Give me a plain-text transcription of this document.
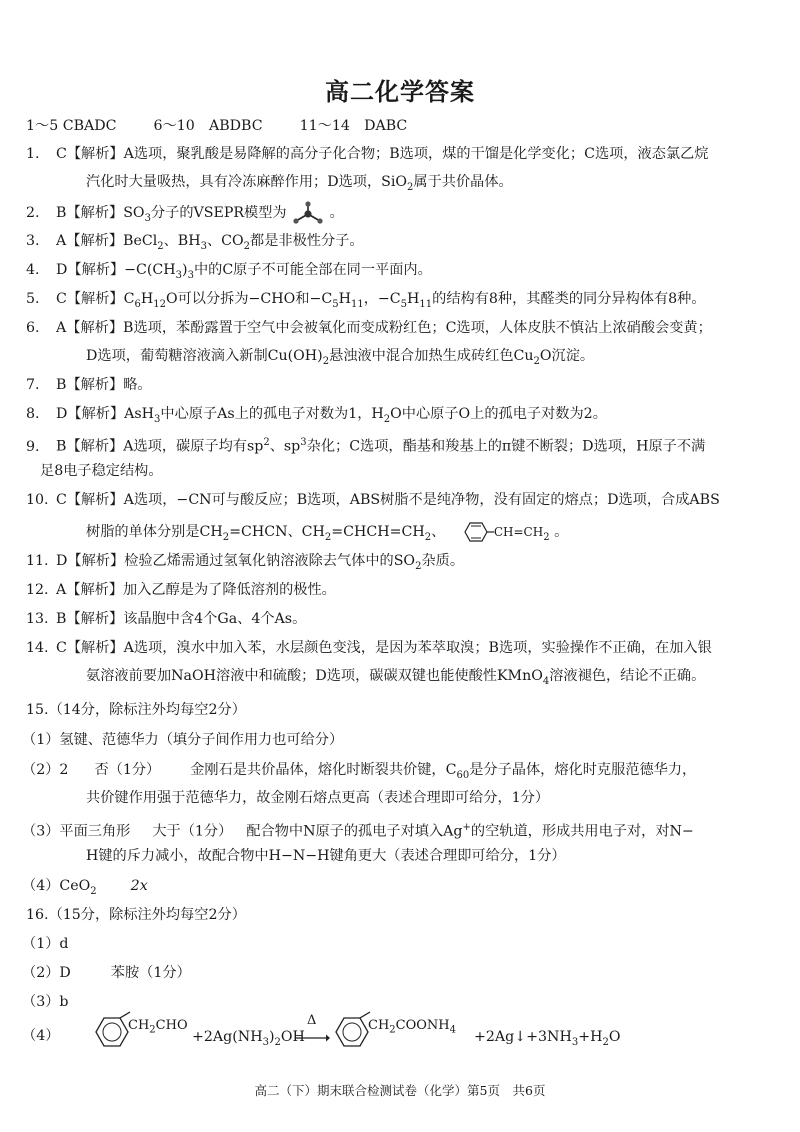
高二化学答案
1～5 CBADC	6～10　ABDBC	11～14　DABC
1. C【解析】A选项，聚乳酸是易降解的高分子化合物；B选项，煤的干馏是化学变化；C选项，液态氯乙烷
汽化时大量吸热，具有冷冻麻醉作用；D选项，SiO$_2$属于共价晶体。
2. B【解析】$SO_3$分子的VSEPR模型为	。
3. A【解析】BeCl$_2$、$BH_3$、$CO_2$都是非极性分子。
4. D【解析】$-C(CH_3)_3$中的C原子不可能全部在同一平面内。
5. C【解析】$C_6H_{12}O$可以分拆为−CHO和$-C_5H_{11}$，$-C_5H_{11}$的结构有8种，其醛类的同分异构体有8种。
6. A【解析】B选项，苯酚露置于空气中会被氧化而变成粉红色；C选项，人体皮肤不慎沾上浓硝酸会变黄；
D选项，葡萄糖溶液滴入新制$Cu(OH)_2$悬浊液中混合加热生成砖红色$Cu_2O$沉淀。
7. B【解析】略。
8. D【解析】AsH$_3$中心原子As上的孤电子对数为1，$H_2O$中心原子O上的孤电子对数为2。
9. B【解析】A选项，碳原子均有$sp^2$、$sp^3$杂化；C选项，酯基和羧基上的π键不断裂；D选项，H原子不满
足8电子稳定结构。
10. C【解析】A选项，−CN可与酸反应；B选项，ABS树脂不是纯净物，没有固定的熔点；D选项，合成ABS
树脂的单体分别是$CH_2=CHCN$、$CH_2=CHCH=CH_2$、	$CH=CH_2$ 。
11. D【解析】检验乙烯需通过氢氧化钠溶液除去气体中的$SO_2$杂质。
12. A【解析】加入乙醇是为了降低溶剂的极性。
13. B【解析】该晶胞中含4个Ga、4个As。
14. C【解析】A选项，溴水中加入苯，水层颜色变浅，是因为苯萃取溴；B选项，实验操作不正确，在加入银
氨溶液前要加NaOH溶液中和硫酸；D选项，碳碳双键也能使酸性KMnO$_4$溶液褪色，结论不正确。
15.（14分，除标注外均每空2分）
（1）氢键、范德华力（填分子间作用力也可给分）
（2）2 否（1分） 金刚石是共价晶体，熔化时断裂共价键，$C_{60}$是分子晶体，熔化时克服范德华力，
共价键作用强于范德华力，故金刚石熔点更高（表述合理即可给分，1分）
（3）平面三角形 大于（1分） 配合物中N原子的孤电子对填入Ag+的空轨道，形成共用电子对，对N−
H键的斥力减小，故配合物中H−N−H键角更大（表述合理即可给分，1分）
（4）CeO$_2$ 2x
16.（15分，除标注外均每空2分）
（1）d
（2）D	苯胺（1分）
（3）b
（4）
$CH_2CHO$
$+2Ag(NH_3)_2OH$
Δ	$CH_2COONH_4$ $+2Ag↓+3NH_3+H_2O$
高二（下）期末联合检测试卷（化学）第5页　共6页
